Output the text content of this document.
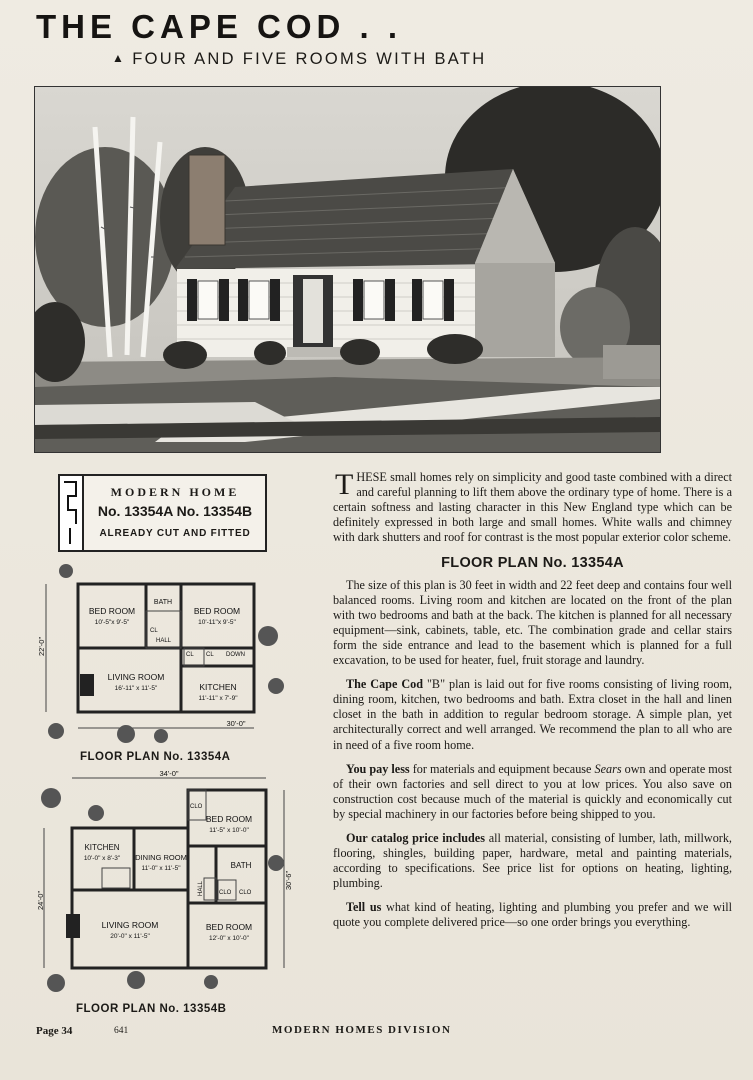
THE CAPE COD . .
▲ FOUR AND FIVE ROOMS WITH BATH
MODERN HOME
No. 13354A No. 13354B
ALREADY CUT AND FITTED
BED ROOM
10'-5"x 9'-5"
BATH
BED ROOM
10'-11"x 9'-5"
LIVING ROOM
16'-11" x 11'-5"	KITCHEN
11'-11" x 7'-9"
CL
HALL
CL CL DOWN
30'-0"
22'-0"
FLOOR PLAN No. 13354A
BED ROOM
11'-5" x 10'-0"
KITCHEN
10'-0" x 8'-3" DINING ROOM
11'-0" x 11'-5"	BATH
LIVING ROOM
20'-0" x 11'-5"
BED ROOM
12'-0" x 10'-0"
CLO
CLO CLO
HALL
34'-0"
24'-0"
30'-6"
FLOOR PLAN No. 13354B

THESE small homes rely on simplicity and good taste combined with a direct and careful planning to lift them above the ordinary type of home. There is a certain softness and lasting character in this New England type which can be definitely expressed in both large and small homes. White walls and chimney with dark shutters and roof for contrast is the most popular exterior color scheme.

FLOOR PLAN No. 13354A

The size of this plan is 30 feet in width and 22 feet deep and contains four well balanced rooms. Living room and kitchen are located on the front of the plan with two bedrooms and bath at the back. The kitchen is planned for all necessary equipment—sink, cabinets, table, etc. The combination grade and cellar stairs form the side entrance and lead to the basement which is planned for a full excavation, to be used for heater, fuel, fruit storage and laundry.

The Cape Cod "B" plan is laid out for five rooms consisting of living room, dining room, kitchen, two bedrooms and bath. Extra closet in the hall and linen closet in the bath in addition to regular bedroom storage. A simple plan, yet architecturally correct and well arranged. We recommend the plan to all who are in need of a five room home.

You pay less for materials and equipment because Sears own and operate most of their own factories and sell direct to you at low prices. You also save on construction cost because much of the material is quickly and economically cut by special machinery in our factories before being shipped to you.

Our catalog price includes all material, consisting of lumber, lath, millwork, flooring, shingles, building paper, hardware, metal and painting materials, according to specifications. See price list for options on heating, lighting, plumbing.

Tell us what kind of heating, lighting and plumbing you prefer and we will quote you complete delivered price—so one order brings you everything.

Page 34	641	MODERN HOMES DIVISION
